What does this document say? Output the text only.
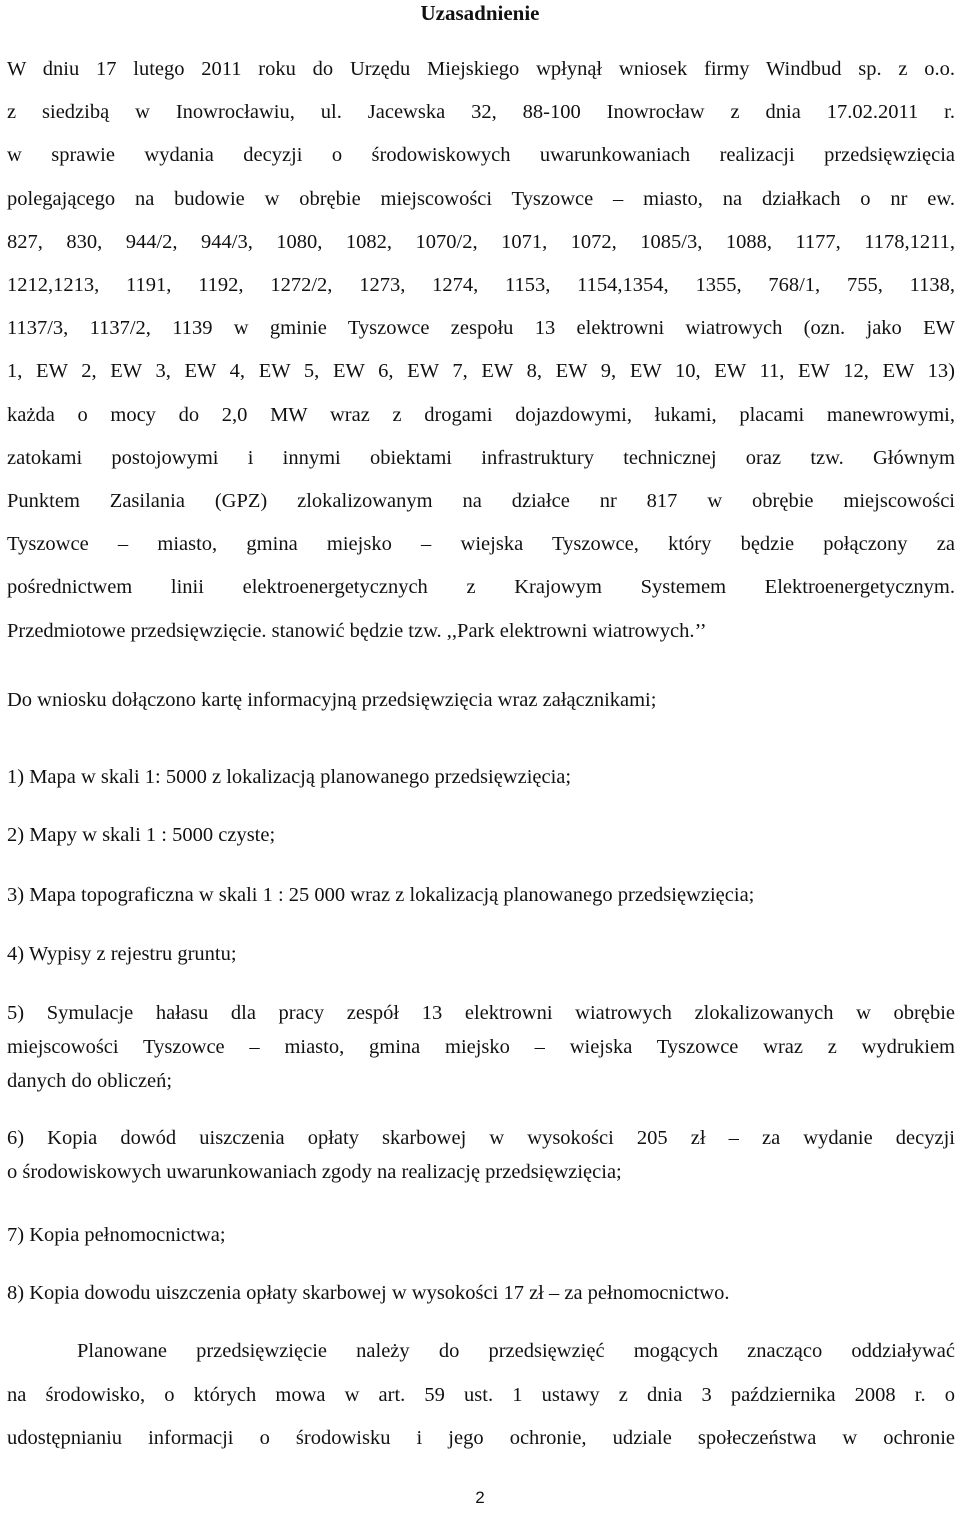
Uzasadnienie
W dniu 17 lutego 2011 roku do Urzędu Miejskiego wpłynął wniosek firmy Windbud sp. z o.o.
z siedzibą w Inowrocławiu, ul. Jacewska 32, 88-100 Inowrocław z dnia 17.02.2011 r.
w sprawie wydania decyzji o środowiskowych uwarunkowaniach realizacji przedsięwzięcia
polegającego na budowie w obrębie miejscowości Tyszowce – miasto, na działkach o nr ew.
827, 830, 944/2, 944/3, 1080, 1082, 1070/2, 1071, 1072, 1085/3, 1088, 1177, 1178,1211,
1212,1213, 1191, 1192, 1272/2, 1273, 1274, 1153, 1154,1354, 1355, 768/1, 755, 1138,
1137/3, 1137/2, 1139 w gminie Tyszowce zespołu 13 elektrowni wiatrowych (ozn. jako EW
1, EW 2, EW 3, EW 4, EW 5, EW 6, EW 7, EW 8, EW 9, EW 10, EW 11, EW 12, EW 13)
każda o mocy do 2,0 MW wraz z drogami dojazdowymi, łukami, placami manewrowymi,
zatokami postojowymi i innymi obiektami infrastruktury technicznej oraz tzw. Głównym
Punktem Zasilania (GPZ) zlokalizowanym na działce nr 817 w obrębie miejscowości
Tyszowce – miasto, gmina miejsko – wiejska Tyszowce, który będzie połączony za
pośrednictwem linii elektroenergetycznych z Krajowym Systemem Elektroenergetycznym.
Przedmiotowe przedsięwzięcie. stanowić będzie tzw. ,,Park elektrowni wiatrowych.’’
Do wniosku dołączono kartę informacyjną przedsięwzięcia wraz załącznikami;
1) Mapa w skali 1: 5000 z lokalizacją planowanego przedsięwzięcia;
2) Mapy w skali 1 : 5000 czyste;
3) Mapa topograficzna w skali 1 : 25 000 wraz z lokalizacją planowanego przedsięwzięcia;
4) Wypisy z rejestru gruntu;
5) Symulacje hałasu dla pracy zespół 13 elektrowni wiatrowych zlokalizowanych w obrębie
miejscowości Tyszowce – miasto, gmina miejsko – wiejska Tyszowce wraz z wydrukiem
danych do obliczeń;
6) Kopia dowód uiszczenia opłaty skarbowej w wysokości 205 zł – za wydanie decyzji
o środowiskowych uwarunkowaniach zgody na realizację przedsięwzięcia;
7) Kopia pełnomocnictwa;
8) Kopia dowodu uiszczenia opłaty skarbowej w wysokości 17 zł – za pełnomocnictwo.
Planowane przedsięwzięcie należy do przedsięwzięć mogących znacząco oddziaływać
na środowisko, o których mowa w art. 59 ust. 1 ustawy z dnia 3 października 2008 r. o
udostępnianiu informacji o środowisku i jego ochronie, udziale społeczeństwa w ochronie
2
